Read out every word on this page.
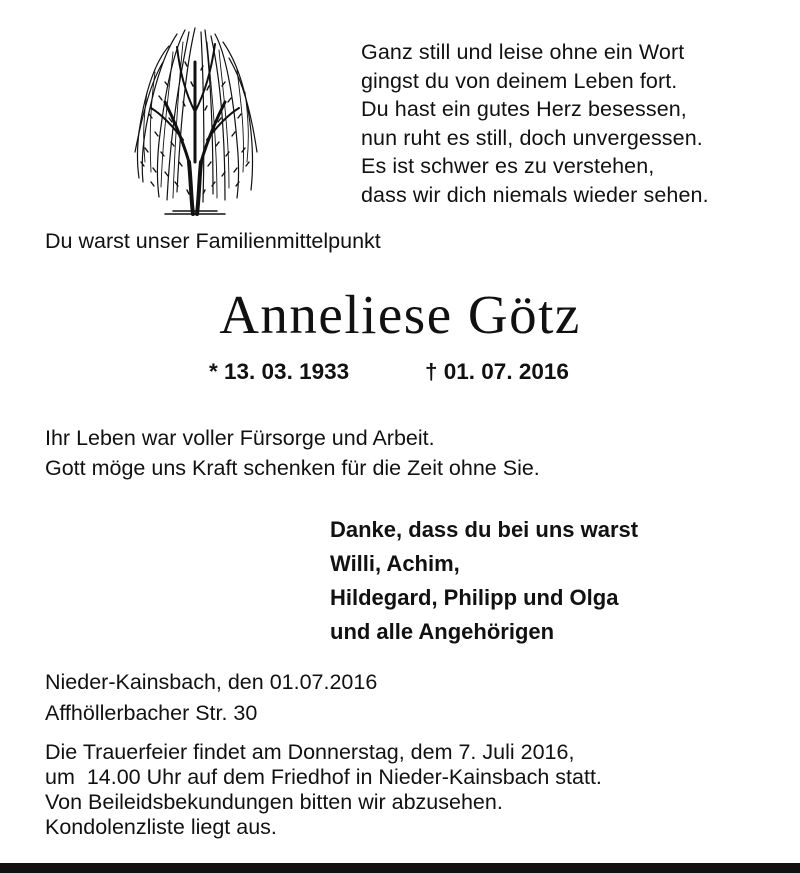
Ganz still und leise ohne ein Wort
gingst du von deinem Leben fort.
Du hast ein gutes Herz besessen,
nun ruht es still, doch unvergessen.
Es ist schwer es zu verstehen,
dass wir dich niemals wieder sehen.
Du warst unser Familienmittelpunkt
Anneliese Götz
* 13. 03. 1933	† 01. 07. 2016
Ihr Leben war voller Fürsorge und Arbeit.
Gott möge uns Kraft schenken für die Zeit ohne Sie.
Danke, dass du bei uns warst
Willi, Achim,
Hildegard, Philipp und Olga
und alle Angehörigen
Nieder-Kainsbach, den 01.07.2016
Affhöllerbacher Str. 30
Die Trauerfeier findet am Donnerstag, dem 7. Juli 2016,
um  14.00 Uhr auf dem Friedhof in Nieder-Kainsbach statt.
Von Beileidsbekundungen bitten wir abzusehen.
Kondolenzliste liegt aus.
